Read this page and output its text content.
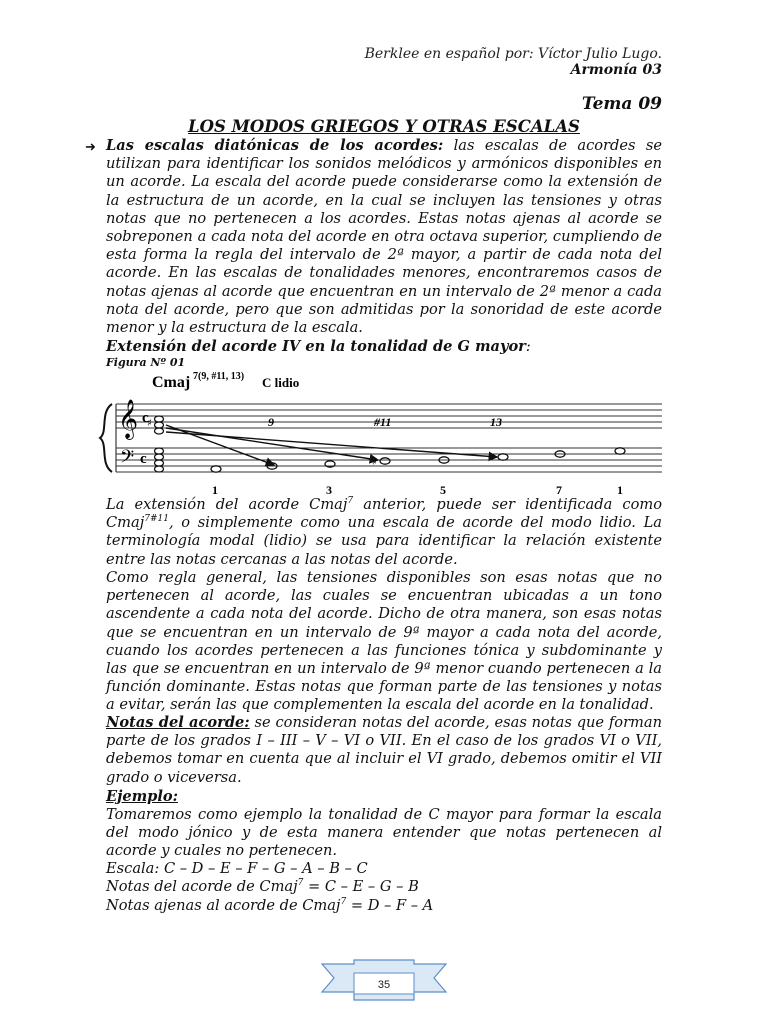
Berklee en español por: Víctor Julio Lugo.
Armonía 03
Tema 09
LOS MODOS GRIEGOS Y OTRAS ESCALAS
➜ Las escalas diatónicas de los acordes: las escalas de acordes se utilizan para identificar los sonidos melódicos y armónicos disponibles en un acorde. La escala del acorde puede considerarse como la extensión de la estructura de un acorde, en la cual se incluyen las tensiones y otras notas que no pertenecen a los acordes. Estas notas ajenas al acorde se sobreponen a cada nota del acorde en otra octava superior, cumpliendo de esta forma la regla del intervalo de 2ª mayor, a partir de cada nota del acorde. En las escalas de tonalidades menores, encontraremos casos de notas ajenas al acorde que encuentran en un intervalo de 2ª menor a cada nota del acorde, pero que son admitidas por la sonoridad de este acorde menor y la estructura de la escala.
Extensión del acorde IV en la tonalidad de G mayor:
Figura Nº 01
Cmaj 7(9, #11, 13) C lidio
𝄞
𝄢
c
c
♯	9	#11	13
♯
1	3	5	7	1
La extensión del acorde Cmaj$^7$ anterior, puede ser identificada como Cmaj$^{7\#11}$, o simplemente como una escala de acorde del modo lidio. La terminología modal (lidio) se usa para identificar la relación existente entre las notas cercanas a las notas del acorde.
Como regla general, las tensiones disponibles son esas notas que no pertenecen al acorde, las cuales se encuentran ubicadas a un tono ascendente a cada nota del acorde. Dicho de otra manera, son esas notas que se encuentran en un intervalo de 9ª mayor a cada nota del acorde, cuando los acordes pertenecen a las funciones tónica y subdominante y las que se encuentran en un intervalo de 9ª menor cuando pertenecen a la función dominante. Estas notas que forman parte de las tensiones y notas a evitar, serán las que complementen la escala del acorde en la tonalidad.
Notas del acorde: se consideran notas del acorde, esas notas que forman parte de los grados I – III – V – VI o VII. En el caso de los grados VI o VII, debemos tomar en cuenta que al incluir el VI grado, debemos omitir el VII grado o viceversa.
Ejemplo:
Tomaremos como ejemplo la tonalidad de C mayor para formar la escala del modo jónico y de esta manera entender que notas pertenecen al acorde y cuales no pertenecen.
Escala: C – D – E – F – G – A – B – C
Notas del acorde de Cmaj$^7$ = C – E – G – B
Notas ajenas al acorde de Cmaj$^7$ = D – F – A
35
